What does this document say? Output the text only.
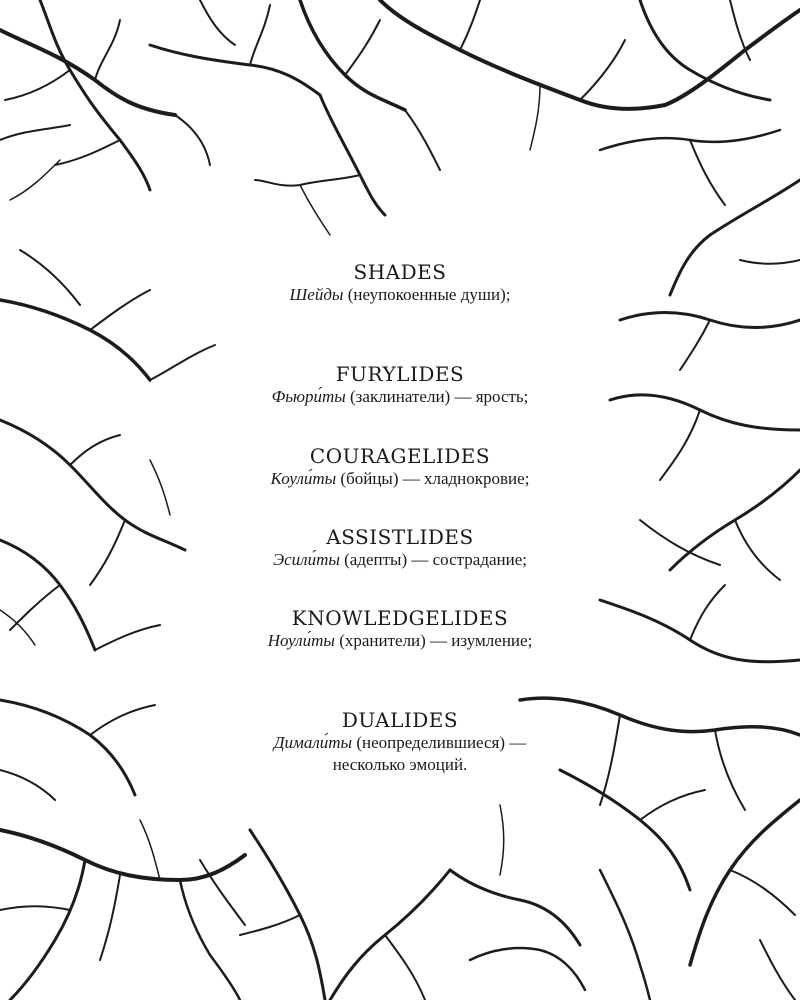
SHADES
Шейды (неупокоенные души);
FURYLIDES
Фьюри́ты (заклинатели) — ярость;
COURAGELIDES
Коули́ты (бойцы) — хладнокровие;
ASSISTLIDES
Эсили́ты (адепты) — сострадание;
KNOWLEDGELIDES
Ноули́ты (хранители) — изумление;
DUALIDES
Димали́ты (неопределившиеся) —
несколько эмоций.
